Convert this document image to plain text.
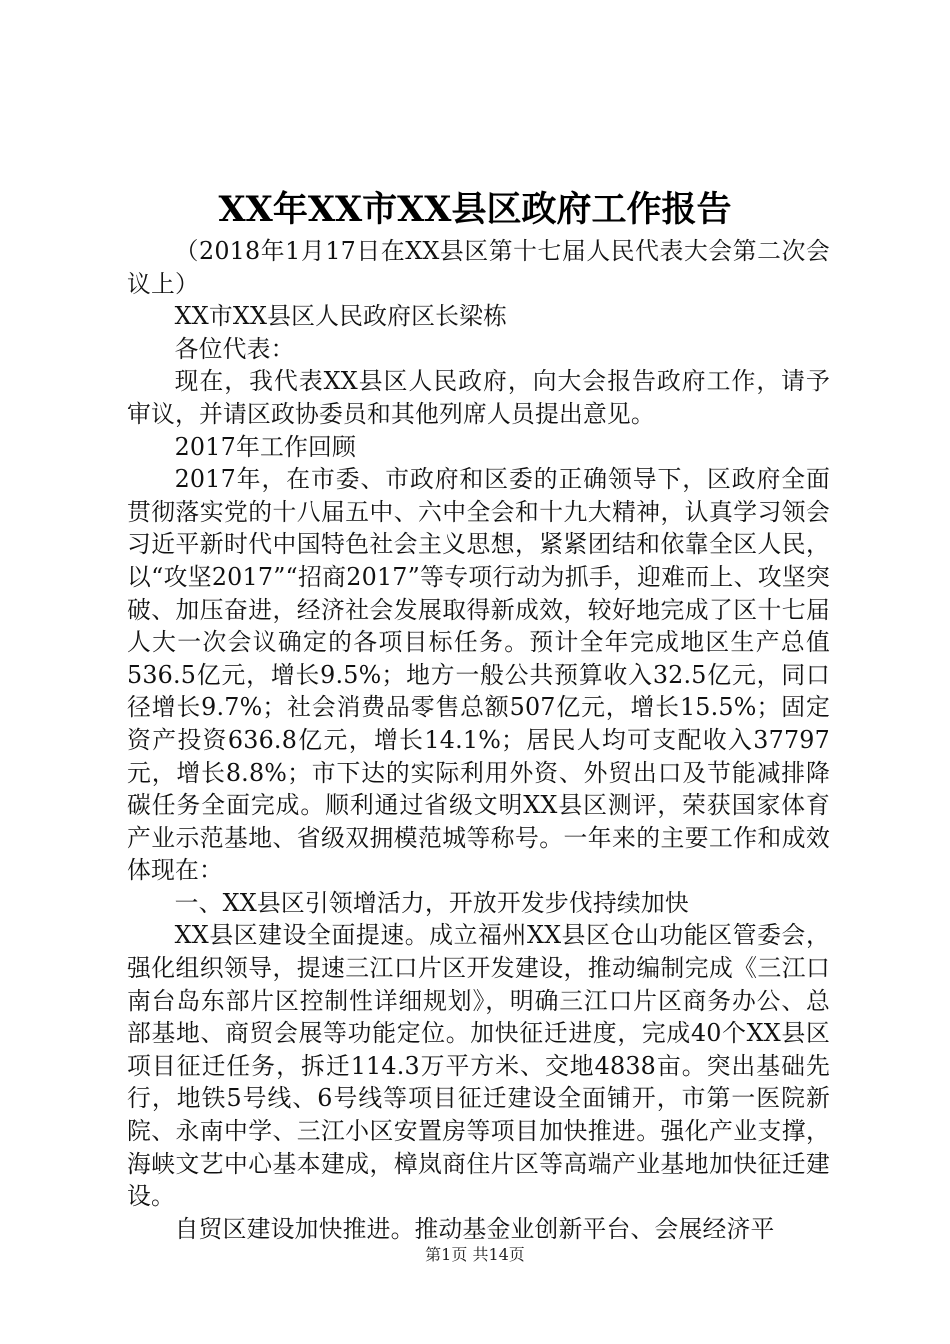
XX年XX市XX县区政府工作报告

（2018年1月17日在XX县区第十七届人民代表大会第二次会议上）

XX市XX县区人民政府区长梁栋

各位代表：

现在，我代表XX县区人民政府，向大会报告政府工作，请予审议，并请区政协委员和其他列席人员提出意见。

2017年工作回顾

2017年，在市委、市政府和区委的正确领导下，区政府全面贯彻落实党的十八届五中、六中全会和十九大精神，认真学习领会习近平新时代中国特色社会主义思想，紧紧团结和依靠全区人民，以“攻坚2017”“招商2017”等专项行动为抓手，迎难而上、攻坚突破、加压奋进，经济社会发展取得新成效，较好地完成了区十七届人大一次会议确定的各项目标任务。预计全年完成地区生产总值536.5亿元，增长9.5%；地方一般公共预算收入32.5亿元，同口径增长9.7%；社会消费品零售总额507亿元，增长15.5%；固定资产投资636.8亿元，增长14.1%；居民人均可支配收入37797元，增长8.8%；市下达的实际利用外资、外贸出口及节能减排降碳任务全面完成。顺利通过省级文明XX县区测评，荣获国家体育产业示范基地、省级双拥模范城等称号。一年来的主要工作和成效体现在：

一、XX县区引领增活力，开放开发步伐持续加快

XX县区建设全面提速。成立福州XX县区仓山功能区管委会，强化组织领导，提速三江口片区开发建设，推动编制完成《三江口南台岛东部片区控制性详细规划》，明确三江口片区商务办公、总部基地、商贸会展等功能定位。加快征迁进度，完成40个XX县区项目征迁任务，拆迁114.3万平方米、交地4838亩。突出基础先行，地铁5号线、6号线等项目征迁建设全面铺开，市第一医院新院、永南中学、三江小区安置房等项目加快推进。强化产业支撑，海峡文艺中心基本建成，樟岚商住片区等高端产业基地加快征迁建设。

自贸区建设加快推进。推动基金业创新平台、会展经济平

第1页 共14页
